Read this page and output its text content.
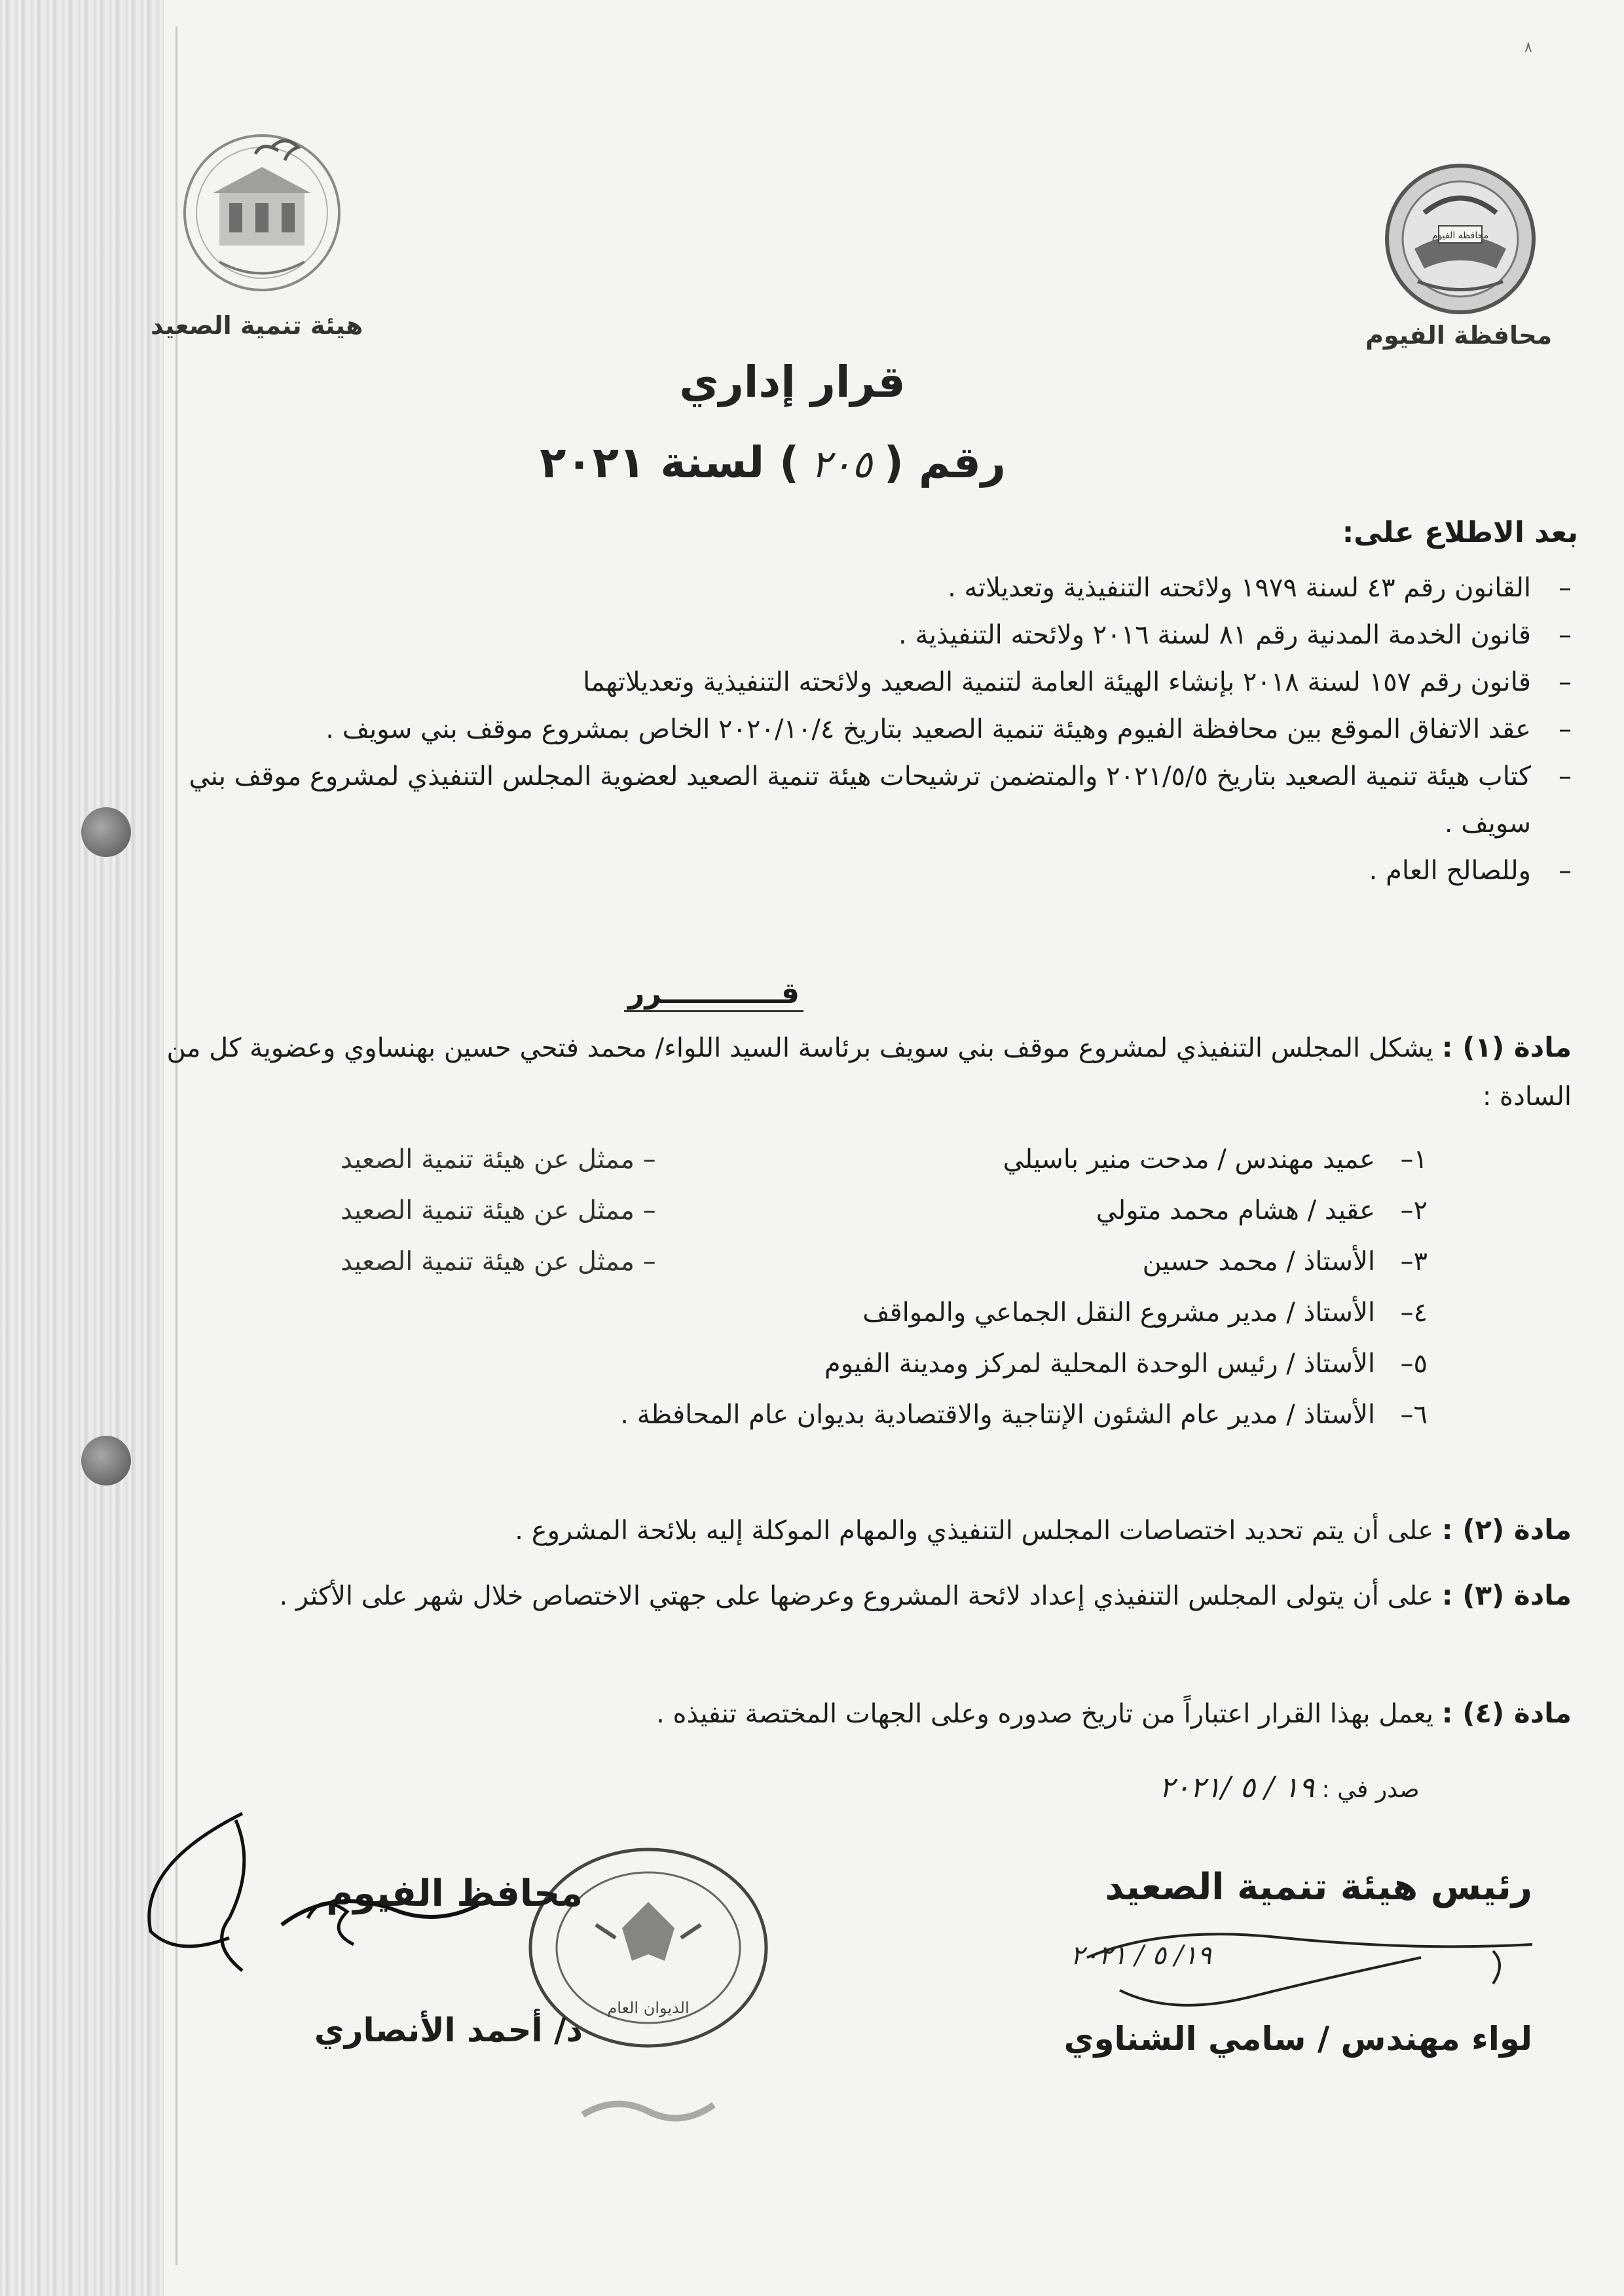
٨
هيئة تنمية الصعيد
محافظة الفيوم
محافظة الفيوم
قرار إداري
رقم (٢٠٥) لسنة ٢٠٢١
بعد الاطلاع على:
–
القانون رقم ٤٣ لسنة ١٩٧٩ ولائحته التنفيذية وتعديلاته .
–
قانون الخدمة المدنية رقم ٨١ لسنة ٢٠١٦ ولائحته التنفيذية .
–
قانون رقم ١٥٧ لسنة ٢٠١٨ بإنشاء الهيئة العامة لتنمية الصعيد ولائحته التنفيذية وتعديلاتهما
–
عقد الاتفاق الموقع بين محافظة الفيوم وهيئة تنمية الصعيد بتاريخ ٢٠٢٠/١٠/٤ الخاص بمشروع موقف بني سويف .
–
كتاب هيئة تنمية الصعيد بتاريخ ٢٠٢١/٥/٥ والمتضمن ترشيحات هيئة تنمية الصعيد لعضوية المجلس التنفيذي لمشروع موقف بني سويف .
–
وللصالح العام .
قــــــــــــرر
مادة (١) : يشكل المجلس التنفيذي لمشروع موقف بني سويف برئاسة السيد اللواء/ محمد فتحي حسين بهنساوي وعضوية كل من السادة :
١–
عميد مهندس / مدحت منير باسيلي
– ممثل عن هيئة تنمية الصعيد
٢–
عقيد / هشام محمد متولي
– ممثل عن هيئة تنمية الصعيد
٣–
الأستاذ / محمد حسين
– ممثل عن هيئة تنمية الصعيد
٤–
الأستاذ / مدير مشروع النقل الجماعي والمواقف
٥–
الأستاذ / رئيس الوحدة المحلية لمركز ومدينة الفيوم
٦–
الأستاذ / مدير عام الشئون الإنتاجية والاقتصادية بديوان عام المحافظة .
مادة (٢) : على أن يتم تحديد اختصاصات المجلس التنفيذي والمهام الموكلة إليه بلائحة المشروع .
مادة (٣) : على أن يتولى المجلس التنفيذي إعداد لائحة المشروع وعرضها على جهتي الاختصاص خلال شهر على الأكثر .
مادة (٤) : يعمل بهذا القرار اعتباراً من تاريخ صدوره وعلى الجهات المختصة تنفيذه .
صدر في : ١٩ / ٥ /٢٠٢١
رئيس هيئة تنمية الصعيد
١٩/ ٥ / ٢٠٢١
لواء مهندس / سامي الشناوي
الديوان العام
محافظ الفيوم
د/ أحمد الأنصاري
